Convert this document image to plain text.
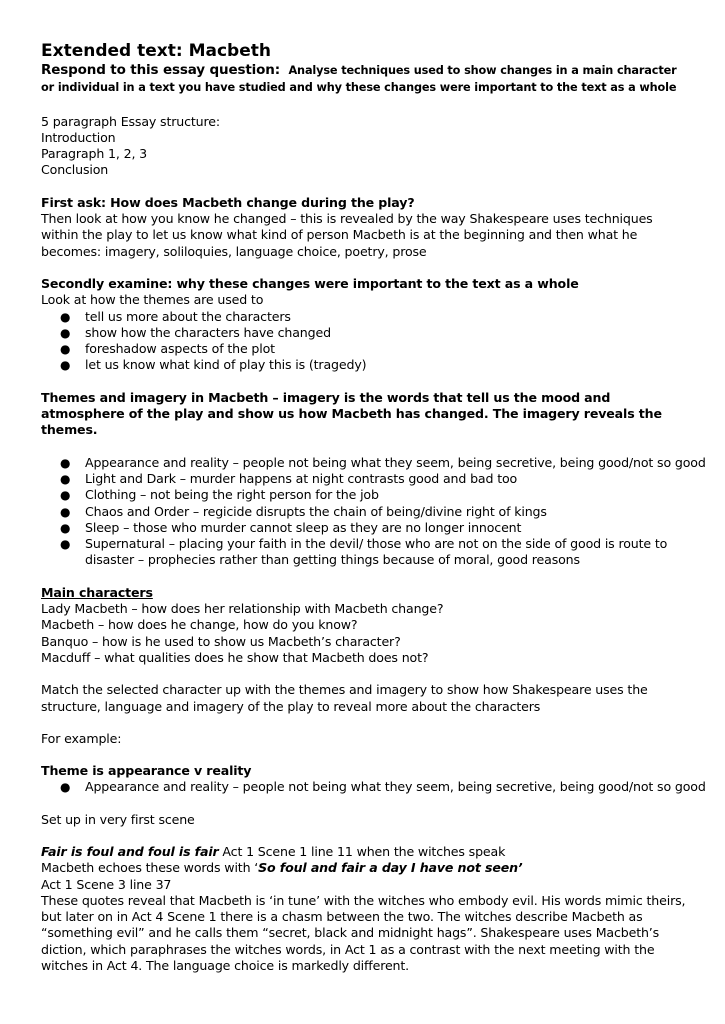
Extended text: Macbeth

Respond to this essay question: Analyse techniques used to show changes in a main character or individual in a text you have studied and why these changes were important to the text as a whole

5 paragraph Essay structure:

Introduction

Paragraph 1, 2, 3

Conclusion

First ask: How does Macbeth change during the play?

Then look at how you know he changed – this is revealed by the way Shakespeare uses techniques within the play to let us know what kind of person Macbeth is at the beginning and then what he becomes: imagery, soliloquies, language choice, poetry, prose

Secondly examine: why these changes were important to the text as a whole

Look at how the themes are used to

● tell us more about the characters
● show how the characters have changed
● foreshadow aspects of the plot
● let us know what kind of play this is (tragedy)

Themes and imagery in Macbeth – imagery is the words that tell us the mood and atmosphere of the play and show us how Macbeth has changed. The imagery reveals the themes.

● Appearance and reality – people not being what they seem, being secretive, being good/not so good
● Light and Dark – murder happens at night contrasts good and bad too
● Clothing – not being the right person for the job
● Chaos and Order – regicide disrupts the chain of being/divine right of kings
● Sleep – those who murder cannot sleep as they are no longer innocent
● Supernatural – placing your faith in the devil/ those who are not on the side of good is route to disaster – prophecies rather than getting things because of moral, good reasons

Main characters

Lady Macbeth – how does her relationship with Macbeth change?

Macbeth – how does he change, how do you know?

Banquo – how is he used to show us Macbeth’s character?

Macduff – what qualities does he show that Macbeth does not?

Match the selected character up with the themes and imagery to show how Shakespeare uses the structure, language and imagery of the play to reveal more about the characters

For example:

Theme is appearance v reality

● Appearance and reality – people not being what they seem, being secretive, being good/not so good

Set up in very first scene

Fair is foul and foul is fair Act 1 Scene 1 line 11 when the witches speak

Macbeth echoes these words with ‘So foul and fair a day I have not seen’

Act 1 Scene 3 line 37

These quotes reveal that Macbeth is ‘in tune’ with the witches who embody evil. His words mimic theirs, but later on in Act 4 Scene 1 there is a chasm between the two. The witches describe Macbeth as “something evil” and he calls them “secret, black and midnight hags”. Shakespeare uses Macbeth’s diction, which paraphrases the witches words, in Act 1 as a contrast with the next meeting with the witches in Act 4. The language choice is markedly different.
